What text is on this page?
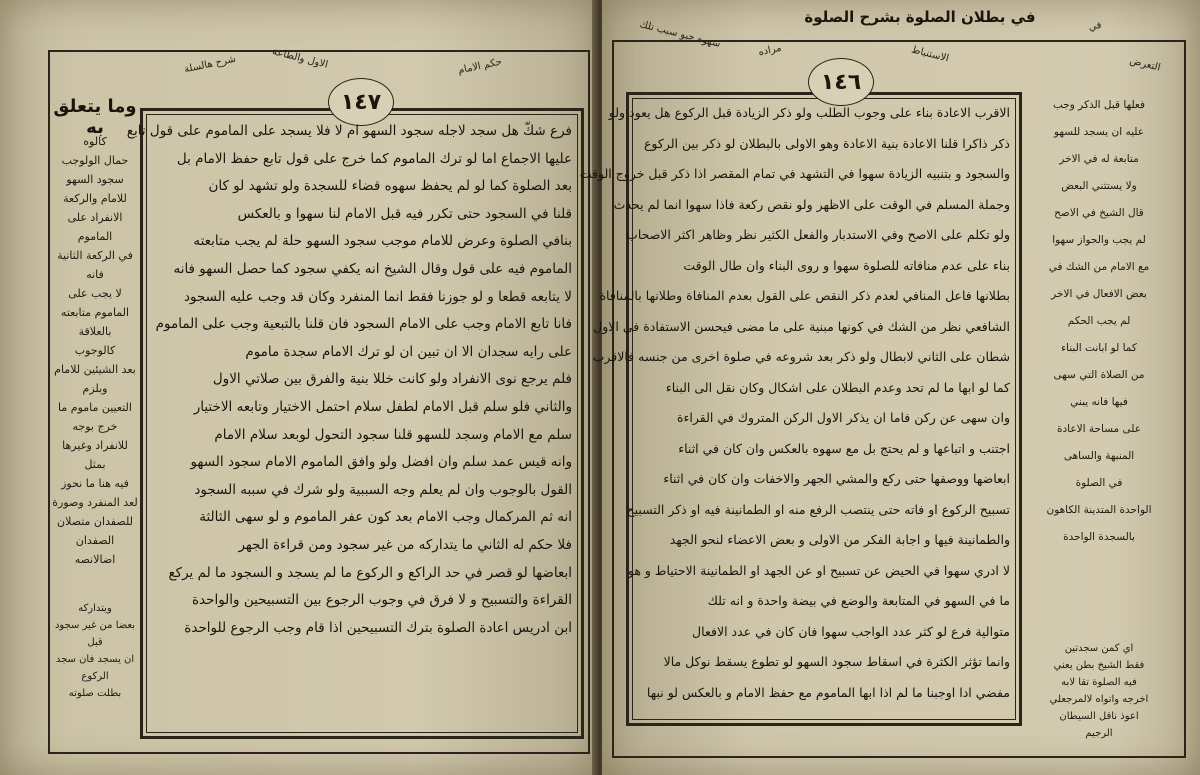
١٤٧
وما يتعلق به	فرع شكّ هل سجد لاجله سجود السهو ام لا فلا يسجد على الماموم على قول تابع
عليها الاجماع اما لو ترك الماموم كما خرج على قول تابع حفظ الامام بل
بعد الصلوة كما لو لم يحفظ سهوه قضاء للسجدة ولو تشهد لو كان
قلنا في السجود حتى تكرر فيه قبل الامام لنا سهوا و بالعكس
بنافي الصلوة وعرض للامام موجب سجود السهو حلة لم يجب متابعته
الماموم فيه على قول وقال الشيخ انه يكفي سجود كما حصل السهو فانه
لا يتابعه قطعا و لو جوزنا فقط انما المنفرد وكان قد وجب عليه السجود
فانا تابع الامام وجب على الامام السجود فان قلنا بالتبعية وجب على الماموم
على رايه سجدان الا ان تبين ان لو ترك الامام سجدة ماموم
فلم يرجع نوى الانفراد ولو كانت خللا بنية والفرق بين صلاتي الاول
والثاني فلو سلم قبل الامام لطفل سلام احتمل الاختيار وتابعه الاختيار
سلم مع الامام وسجد للسهو قلنا سجود التحول لوبعد سلام الامام
وانه قيس عمد سلم وان افضل ولو وافق الماموم الامام سجود السهو
القول بالوجوب وان لم يعلم وجه السببية ولو شرك في سببه السجود
انه ثم المركمال وجب الامام بعد كون عفر الماموم و لو سهى الثالثة
فلا حكم له الثاني ما يتداركه من غير سجود ومن قراءة الجهر
ابعاضها لو قصر في حد الراكع و الركوع ما لم يسجد و السجود ما لم يركع
القراءة والتسبيح و لا فرق في وجوب الرجوع بين التسبيحين والواحدة
ابن ادريس اعادة الصلوة بترك التسبيحين اذا قام وجب الرجوع للواحدة
كالوه
حمال الولوجب
سجود السهو للامام والركعة
الانفراد على الماموم
في الركعة الثانية فانه
لا يجب على الماموم متابعته
بالعلاقة
كالوجوب
بعد الشيئين للامام وبلزم
التعيين ماموم ما خرج بوجه
للانفراد وغيرها بمثل
فيه هنا ما نحوز
لعد المنفرد وصورة
للصفدان متصلان الصفدان
اضالانصه
ويتداركه
بعضا من غير سجود قبل
ان يسجد فان سجد الركوع
بطلت صلوته
شرح هالسلة	الاول والطاعة	حكم الامام
في بطلان الصلوة بشرح الصلوة
١٤٦
الاقرب الاعادة بناء على وجوب الطلب ولو ذكر الزيادة قبل الركوع هل يعود ولو
ذكر ذاكرا قلنا الاعادة بنية الاعادة وهو الاولى بالبطلان لو ذكر بين الركوع
والسجود و بتنبيه الزيادة سهوا في التشهد في تمام المقصر اذا ذكر قبل خروج الوقت
وجملة المسلم في الوقت على الاظهر ولو نقص ركعة فاذا سهوا انما لم يحدث
ولو تكلم على الاصح وفي الاستدبار والفعل الكثير نظر وظاهر اكثر الاصحاب
بناء على عدم منافاته للصلوة سهوا و روى البناء وان طال الوقت
بطلانها فاعل المنافي لعدم ذكر النقص على القول بعدم المنافاة وطلانها بالمنافاة
الشافعي نظر من الشك في كونها مبنية على ما مضى فيحسن الاستفادة في الاول
شطان على الثاني لابطال ولو ذكر بعد شروعه في صلوة اخرى من جنسه فالاقرب
كما لو ابها ما لم تحد وعدم البطلان على اشكال وكان نقل الى البناء
وان سهى عن ركن فاما ان يذكر الاول الركن المتروك في القراءة
اجتنب و اتباعها و لم يحتج بل مع سهوه بالعكس وان كان في اثناء
ابعاضها ووصفها حتى ركع والمشي الجهر والاخفات وان كان في اثناء
تسبيح الركوع او فاته حتى ينتصب الرفع منه او الطمانينة فيه او ذكر التسبيح
والطمانينة فيها و اجابة الفكر من الاولى و بعض الاعضاء لنحو الجهد
لا ادري سهوا في الحيض عن تسبيح او عن الجهد او الطمانينة الاحتياط و هو
ما في السهو في المتابعة والوضع في بيضة واحدة و انه تلك
متوالية فرع لو كثر عدد الواجب سهوا فان كان في عدد الافعال
وانما تؤثر الكثرة في اسقاط سجود السهو لو تطوع يسقط نوكل مالا
مفضي ادا اوجبنا ما لم اذا ابها الماموم مع حفظ الامام و بالعكس لو نبها
فعلها قبل الذكر وجب
عليه ان يسجد للسهو
متابعة له في الاخر
ولا يستثني البعض
قال الشيخ في الاصح
لم يجب والجواز سهوا
مع الامام من الشك في
بعض الافعال في الاخر
لم يجب الحكم
كما لو ابانت البناء
من الصلاة التي سهى
فيها فانه يبني
على مساحة الاعادة
المنبهة والساهى
في الصلوة
الواحدة المتدينة الكاهون
بالسجدة الواحدة
اي كمن سجدتين
فقط الشيخ بطن يعني
فيه الصلوة تقا لابه
اخرجه واتواه لالمرجعلي
اعوذ ناقل السيطان
الرجيم
سهوه حبو سبب تلك
مراده	الاستنباط
في
التعرض
